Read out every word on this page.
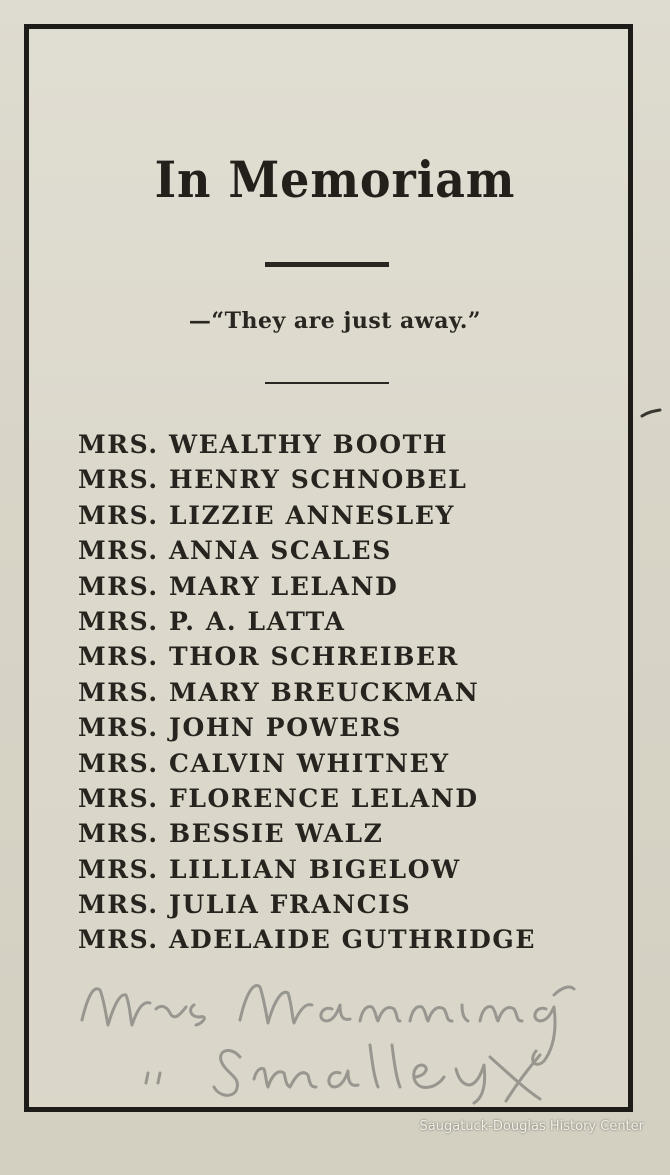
In Memoriam
—“They are just away.”
MRS. WEALTHY BOOTH
MRS. HENRY SCHNOBEL
MRS. LIZZIE ANNESLEY
MRS. ANNA SCALES
MRS. MARY LELAND
MRS. P. A. LATTA
MRS. THOR SCHREIBER
MRS. MARY BREUCKMAN
MRS. JOHN POWERS
MRS. CALVIN WHITNEY
MRS. FLORENCE LELAND
MRS. BESSIE WALZ
MRS. LILLIAN BIGELOW
MRS. JULIA FRANCIS
MRS. ADELAIDE GUTHRIDGE
Saugatuck-Douglas History Center
